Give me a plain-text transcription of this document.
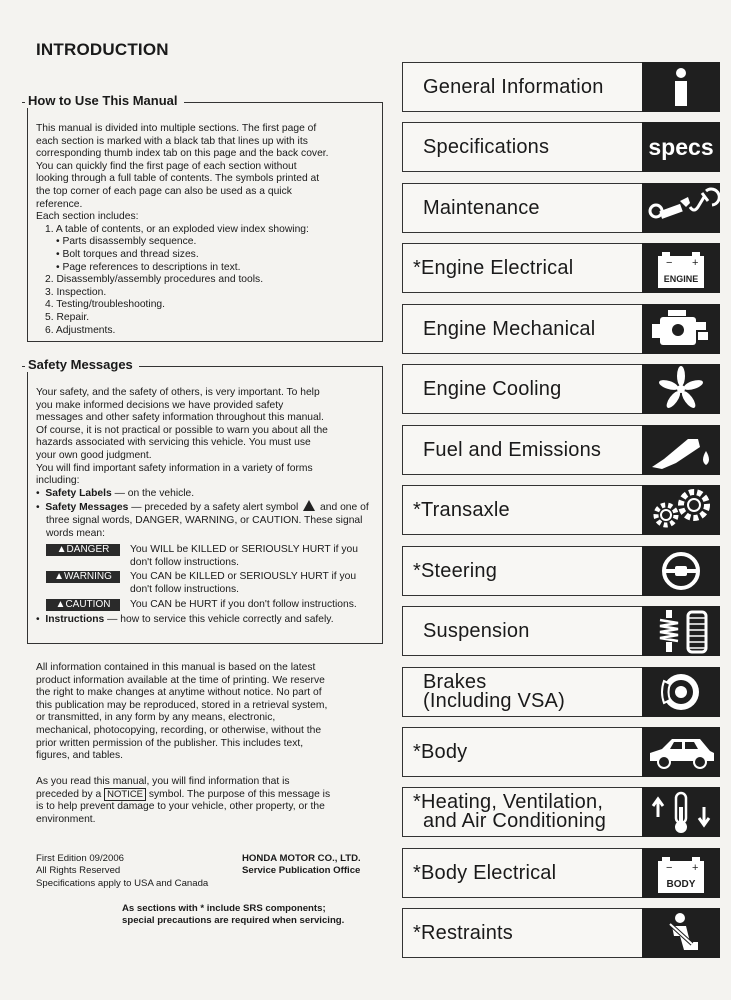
INTRODUCTION
How to Use This Manual
This manual is divided into multiple sections. The first page of
each section is marked with a black tab that lines up with its
corresponding thumb index tab on this page and the back cover.
You can quickly find the first page of each section without
looking through a full table of contents. The symbols printed at
the top corner of each page can also be used as a quick
reference.
Each section includes:
1. A table of contents, or an exploded view index showing:
• Parts disassembly sequence.
• Bolt torques and thread sizes.
• Page references to descriptions in text.
2. Disassembly/assembly procedures and tools.
3. Inspection.
4. Testing/troubleshooting.
5. Repair.
6. Adjustments.
Safety Messages
Your safety, and the safety of others, is very important. To help
you make informed decisions we have provided safety
messages and other safety information throughout this manual.
Of course, it is not practical or possible to warn you about all the
hazards associated with servicing this vehicle. You must use
your own good judgment.
You will find important safety information in a variety of forms
including:
•  Safety Labels — on the vehicle.
•  Safety Messages — preceded by a safety alert symbol  and one of three signal words, DANGER, WARNING, or CAUTION. These signal words mean:
▲DANGER	You WILL be KILLED or SERIOUSLY HURT if you don't follow instructions.
▲WARNING	You CAN be KILLED or SERIOUSLY HURT if you don't follow instructions.
▲CAUTION	You CAN be HURT if you don't follow instructions.
•  Instructions — how to service this vehicle correctly and safely.
All information contained in this manual is based on the latest
product information available at the time of printing. We reserve
the right to make changes at anytime without notice. No part of
this publication may be reproduced, stored in a retrieval system,
or transmitted, in any form by any means, electronic,
mechanical, photocopying, recording, or otherwise, without the
prior written permission of the publisher. This includes text,
figures, and tables.
As you read this manual, you will find information that is
preceded by a NOTICE symbol. The purpose of this message is
is to help prevent damage to your vehicle, other property, or the
environment.
First Edition 09/2006
All Rights Reserved
Specifications apply to USA and Canada
HONDA MOTOR CO., LTD.
Service Publication Office
As sections with * include SRS components;
special precautions are required when servicing.
General Information
Specifications	specs
Maintenance
*Engine Electrical	− +
ENGINE
Engine Mechanical
Engine Cooling
Fuel and Emissions
*Transaxle
*Steering
Suspension
Brakes
(Including VSA)
*Body
*Heating, Ventilation,
and Air Conditioning
*Body Electrical	− +
BODY
*Restraints
